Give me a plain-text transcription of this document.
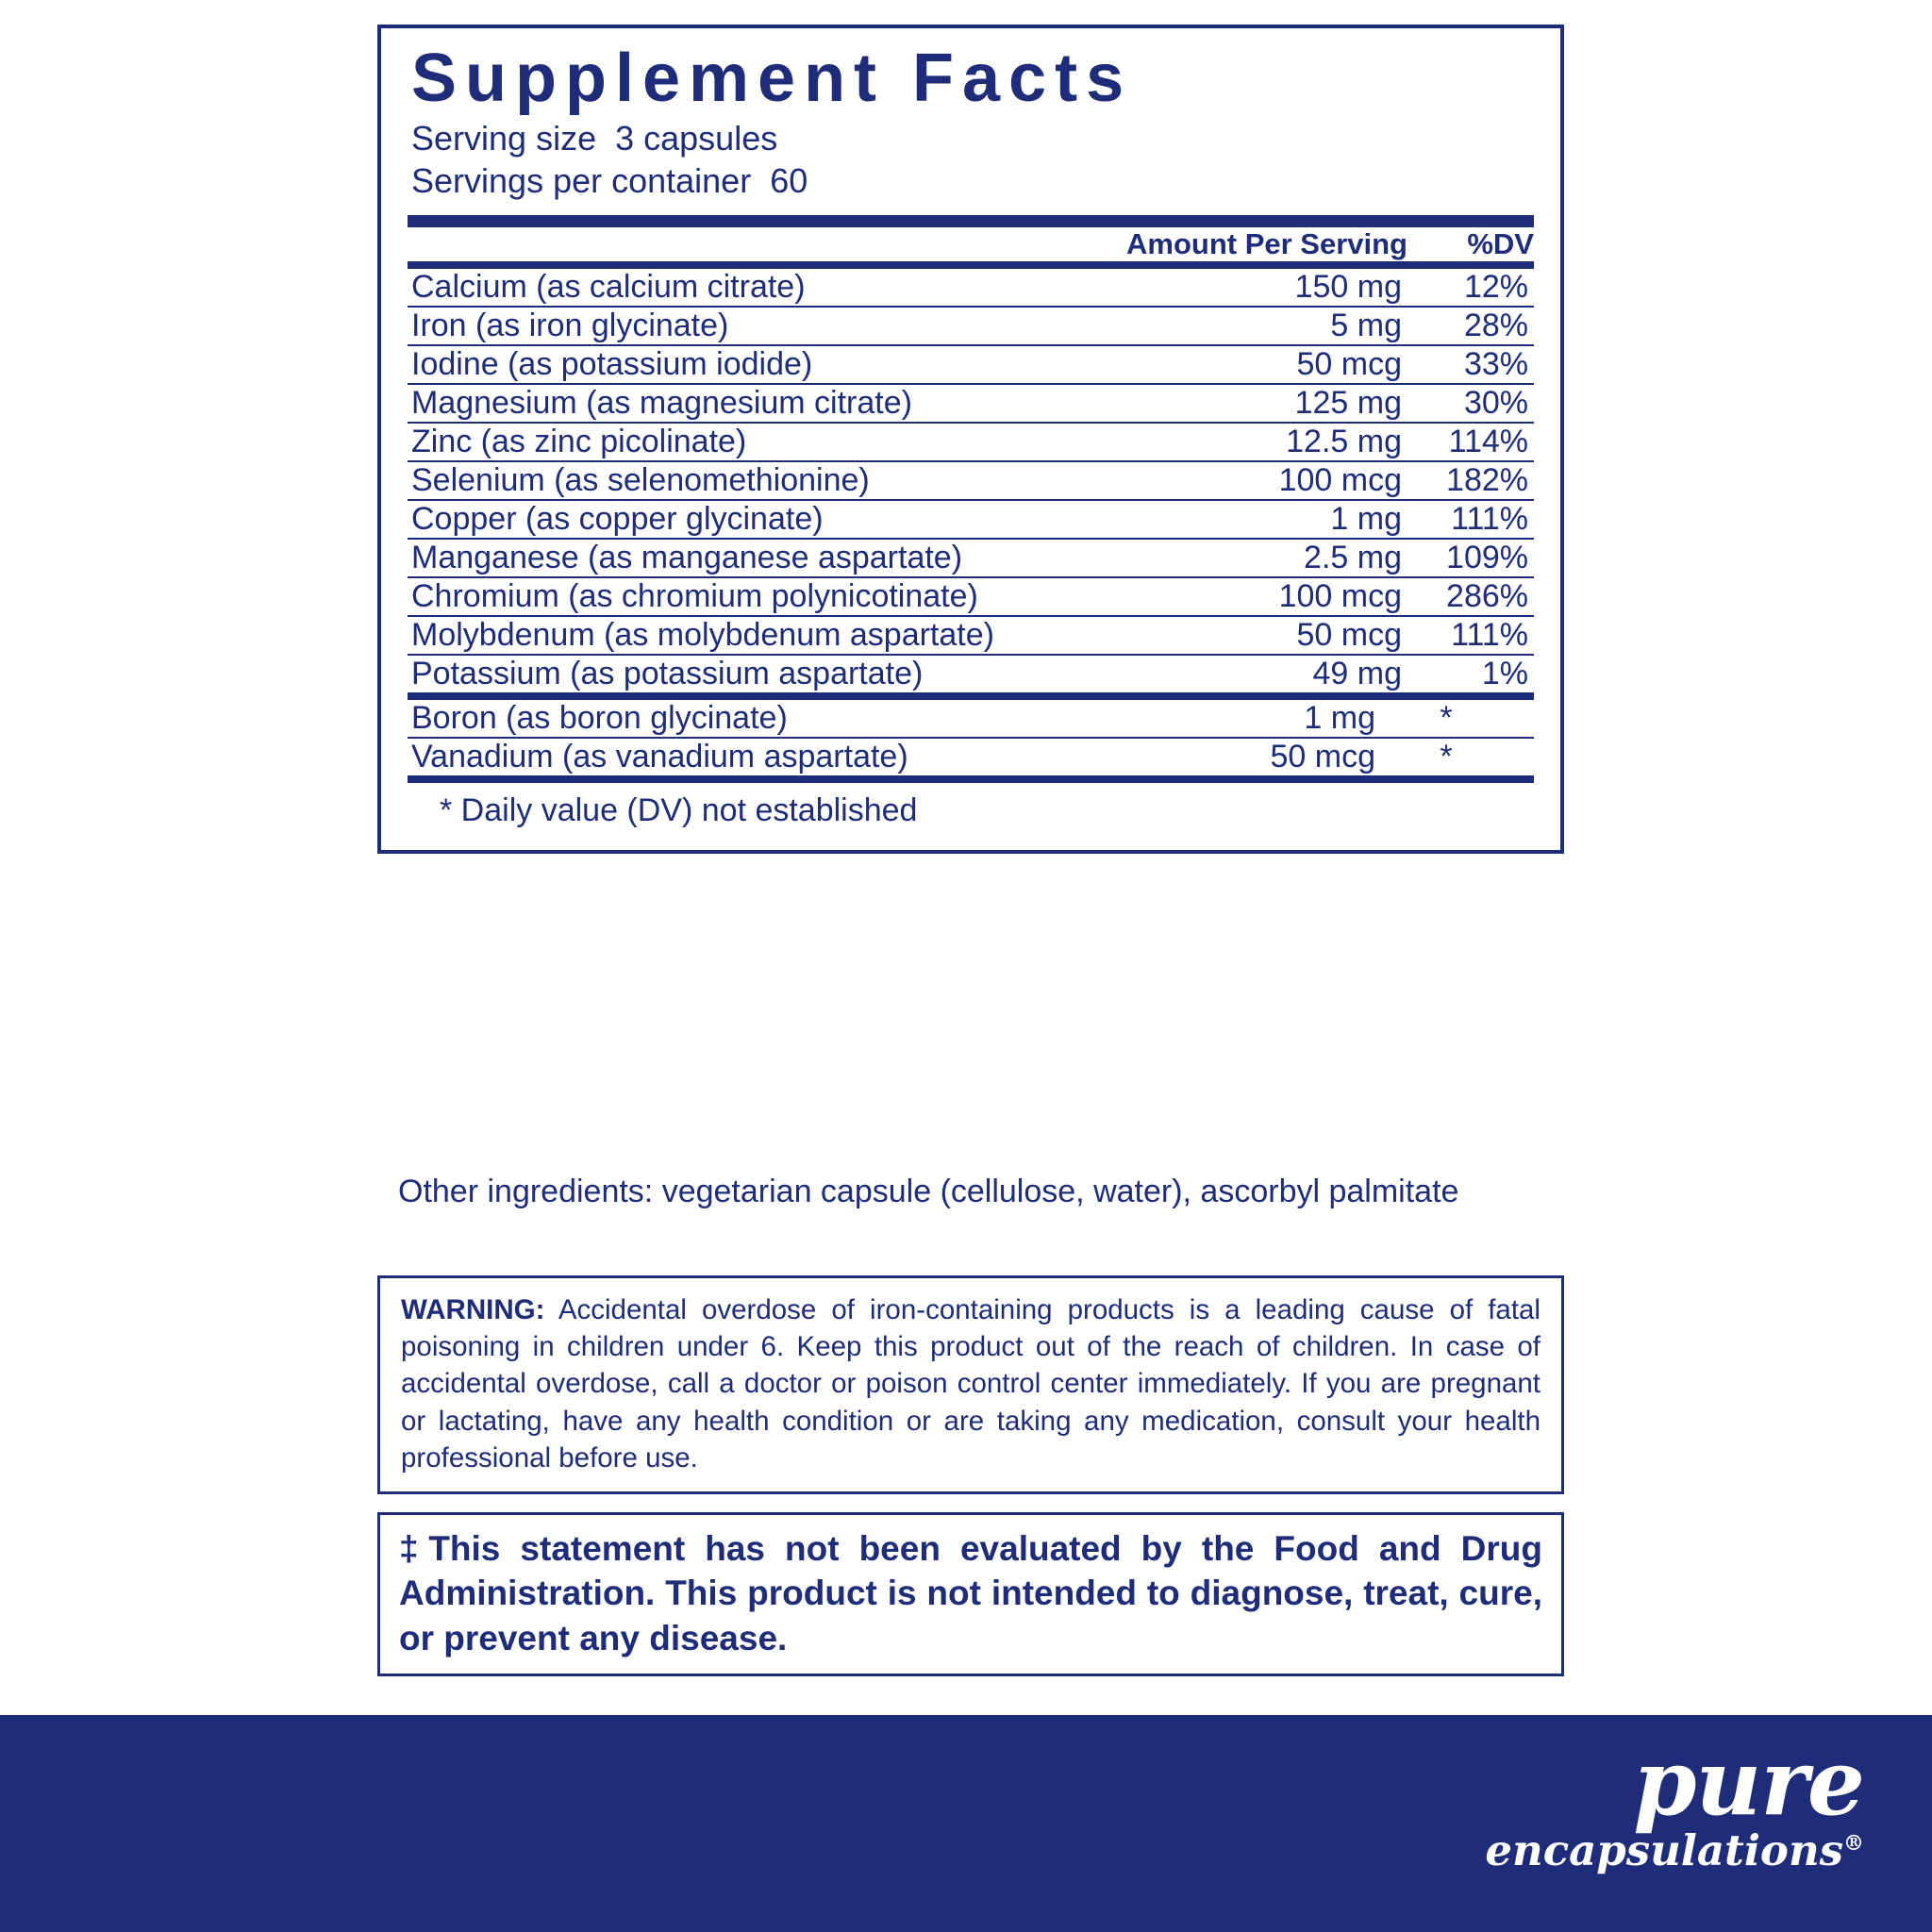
Supplement Facts
Serving size 3 capsules
Servings per container 60
	Amount Per Serving	%DV
Calcium (as calcium citrate)	150 mg	12%
Iron (as iron glycinate)	5 mg	28%
Iodine (as potassium iodide)	50 mcg	33%
Magnesium (as magnesium citrate)	125 mg	30%
Zinc (as zinc picolinate)	12.5 mg	114%
Selenium (as selenomethionine)	100 mcg	182%
Copper (as copper glycinate)	1 mg	111%
Manganese (as manganese aspartate)	2.5 mg	109%
Chromium (as chromium polynicotinate)	100 mcg	286%
Molybdenum (as molybdenum aspartate)	50 mcg	111%
Potassium (as potassium aspartate)	49 mg	1%
Boron (as boron glycinate)	1 mg	*
Vanadium (as vanadium aspartate)	50 mcg	*
* Daily value (DV) not established
Other ingredients: vegetarian capsule (cellulose, water), ascorbyl palmitate
WARNING: Accidental overdose of iron-containing products is a leading cause of fatal poisoning in children under 6. Keep this product out of the reach of children. In case of accidental overdose, call a doctor or poison control center immediately. If you are pregnant or lactating, have any health condition or are taking any medication, consult your health professional before use.
‡This statement has not been evaluated by the Food and Drug Administration. This product is not intended to diagnose, treat, cure, or prevent any disease.
pure
encapsulations®
